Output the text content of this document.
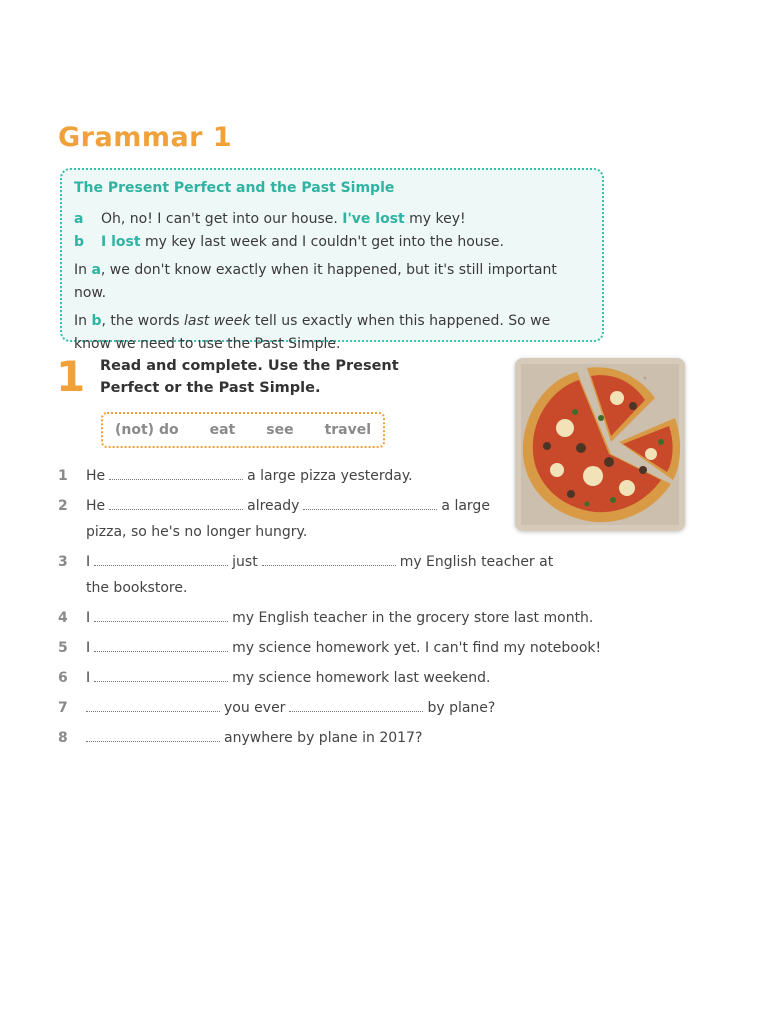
Grammar 1
The Present Perfect and the Past Simple
a	Oh, no! I can't get into our house. I've lost my key!
b	I lost my key last week and I couldn't get into the house.

In a, we don't know exactly when it happened, but it's still important now.

In b, the words last week tell us exactly when this happened. So we know we need to use the Past Simple.

1 Read and complete. Use the Present Perfect or the Past Simple.
(not) do eat see travel
1	He	a large pizza yesterday.
2	He	already	a large pizza, so he's no longer hungry.
3	I	just	my English teacher at the bookstore.
4	I	my English teacher in the grocery store last month.
5	I	my science homework yet. I can't find my notebook!
6	I	my science homework last weekend.
7	you ever	by plane?
8	anywhere by plane in 2017?
